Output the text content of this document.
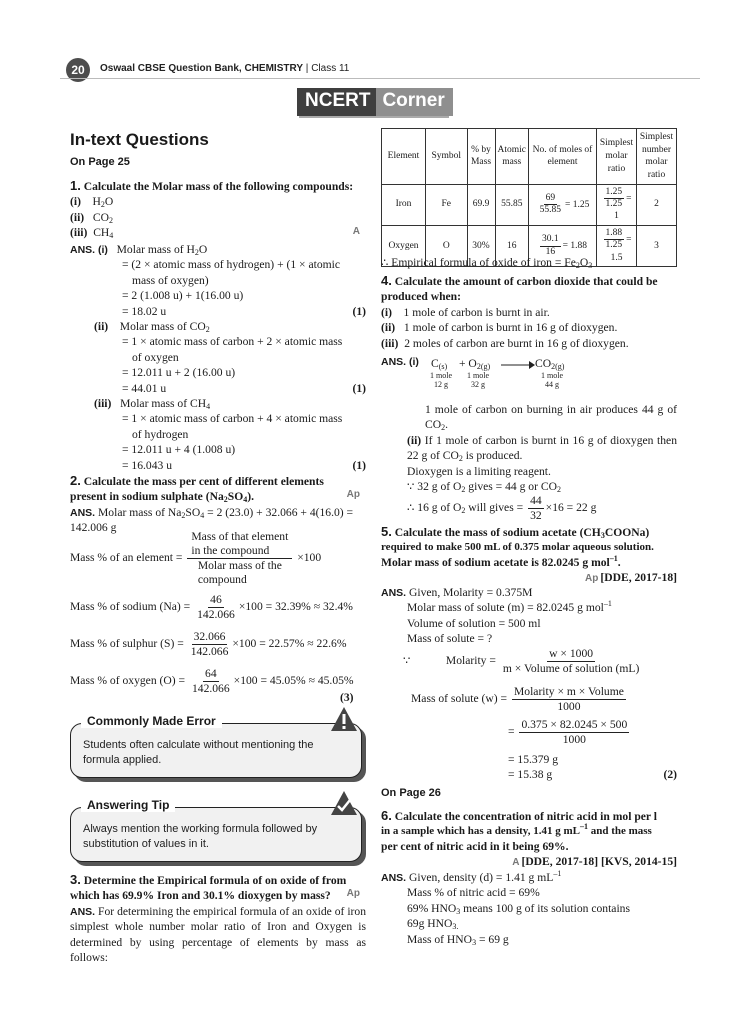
20	Oswaal CBSE Question Bank, CHEMISTRY | Class 11
NCERT Corner
In-text Questions
On Page 25
1. Calculate the Molar mass of the following compounds:
(i)    $H_2O$
(ii)   $CO_2$
(iii)  $CH_4$	A
ANS. (i) Molar mass of $H_2O$
= (2 × atomic mass of hydrogen) + (1 × atomic
mass of oxygen)
= 2 (1.008 u) + 1(16.00 u)
= 18.02 u	(1)
(ii) Molar mass of $CO_2$
= 1 × atomic mass of carbon + 2 × atomic mass
of oxygen
= 12.011 u + 2 (16.00 u)
= 44.01 u	(1)
(iii) Molar mass of $CH_4$
= 1 × atomic mass of carbon + 4 × atomic mass
of hydrogen
= 12.011 u + 4 (1.008 u)
= 16.043 u	(1)
2. Calculate the mass per cent of different elements
present in sodium sulphate $(Na_2SO_4)$.	Ap
ANS. Molar mass of $Na_2SO_4 = 2$ (23.0) + 32.066 + 4(16.0) =
142.006 g
Mass % of an element =
Mass of that element
in the compound
Molar mass of the
compound
×100
Mass % of sodium $(Na) = \frac{46}{142.066} \times 100 = 32.39\% \approx 32.4\%$
Mass % of sulphur $(S) = \frac{32.066}{142.066} \times 100 = 22.57\% \approx 22.6\%$
Mass % of oxygen $(O) = \frac{64}{142.066} \times 100 = 45.05\% \approx 45.05\%$
(3)
Commonly Made Error
Students often calculate without mentioning the formula applied.
Answering Tip
Always mention the working formula followed by substitution of values in it.
3. Determine the Empirical formula of on oxide of from
which has 69.9% Iron and 30.1% dioxygen by mass? Ap
ANS. For determining the empirical formula of an oxide of iron simplest whole number molar ratio of Iron and Oxygen is determined by using percentage of elements by mass as follows:
Element	Symbol	% by Mass	Atomic mass	No. of moles of element	Simplest molar ratio	Simplest number molar ratio
Iron	Fe	69.9	55.85	$\frac{69}{55.85} = 1.25$	$\frac{1.25}{1.25} = 1$	2
Oxygen	O	30%	16	$\frac{30.1}{16} = 1.88$	$\frac{1.88}{1.25} = 1.5$	3
∴ Empirical formula of oxide of iron = $Fe_2O_3$
4. Calculate the amount of carbon dioxide that could be
produced when:
(i) 1 mole of carbon is burnt in air.
(ii) 1 mole of carbon is burnt in 16 g of dioxygen.
(iii) 2 moles of carbon are burnt in 16 g of dioxygen.
ANS. (i) $C_{(s)} + O_{2(g)} \to CO_{2(g)}$
1 mole
12 g
1 mole
32 g
1 mole
44 g
1 mole of carbon on burning in air produces 44 g of $CO_2$.
(ii) If 1 mole of carbon is burnt in 16 g of dioxygen then 22 g of $CO_2$ is produced.
Dioxygen is a limiting reagent.
∵ 32 g of $O_2$ gives = 44 g or $CO_2$
∴ 16 g of $O_2$ will gives = $\frac{44}{32} \times 16 = 22$ g
5. Calculate the mass of sodium acetate $(CH_3COONa)$
required to make 500 mL of 0.375 molar aqueous solution.
Molar mass of sodium acetate is 82.0245 g mol$^{-1}$.
Ap [DDE, 2017-18]
ANS. Given, Molarity = 0.375M
Molar mass of solute (m) = 82.0245 g mol$^{-1}$
Volume of solution = 500 ml
Mass of solute = ?
∵	Molarity = $\frac{w \times 1000}{\text{m × Volume of solution (mL)}}$
Mass of solute $(w) = \frac{\text{Molarity × m × Volume}}{1000}$
= $\frac{0.375 \times 82.0245 \times 500}{1000}$
= 15.379 g
= 15.38 g	(2)
On Page 26
6. Calculate the concentration of nitric acid in mol per l
in a sample which has a density, 1.41 g $mL^{-1}$ and the mass
per cent of nitric acid in it being 69%.
A [DDE, 2017-18] [KVS, 2014-15]
ANS. Given, density (d) = 1.41 g $mL^{-1}$
Mass % of nitric acid = 69%
69% $HNO_3$ means 100 g of its solution contains
69g $HNO_{3.}$
Mass of $HNO_3 = 69$ g
